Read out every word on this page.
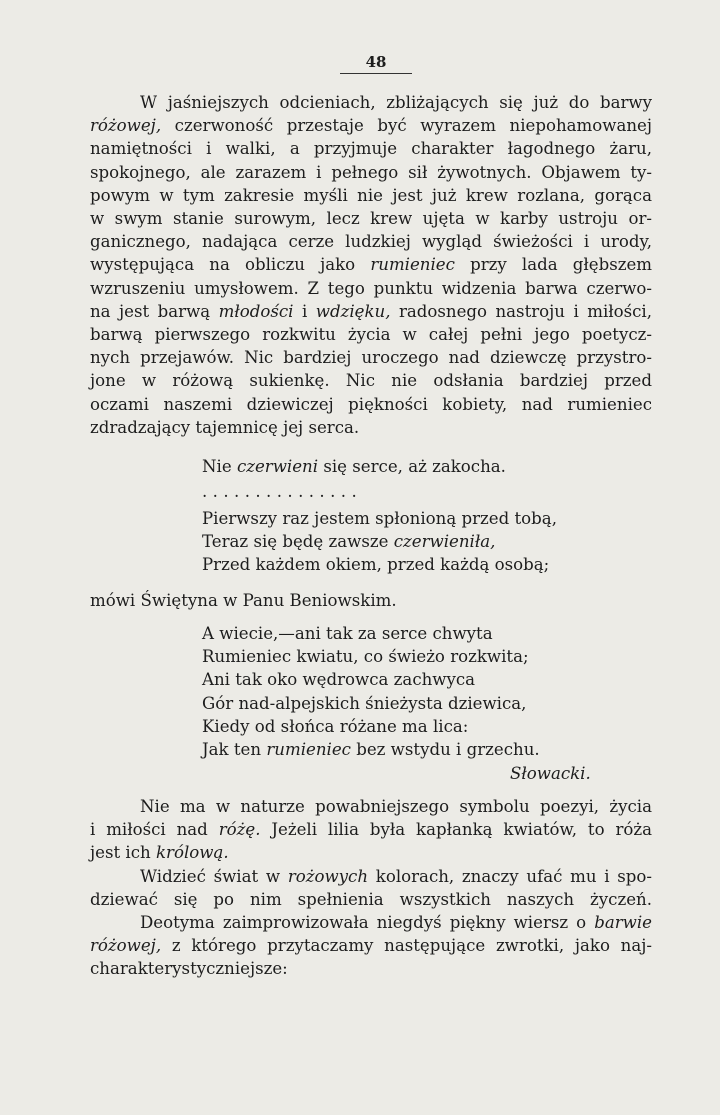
48
W jaśniejszych odcieniach, zbliżających się już do barwy
różowej, czerwoność przestaje być wyrazem niepohamowanej
namiętności i walki, a przyjmuje charakter łagodnego żaru,
spokojnego, ale zarazem i pełnego sił żywotnych. Objawem ty-
powym w tym zakresie myśli nie jest już krew rozlana, gorąca
w swym stanie surowym, lecz krew ujęta w karby ustroju or-
ganicznego, nadająca cerze ludzkiej wygląd świeżości i urody,
występująca na obliczu jako rumieniec przy lada głębszem
wzruszeniu umysłowem. Z tego punktu widzenia barwa czerwo-
na jest barwą młodości i wdzięku, radosnego nastroju i miłości,
barwą pierwszego rozkwitu życia w całej pełni jego poetycz-
nych przejawów. Nic bardziej uroczego nad dziewczę przystro-
jone w różową sukienkę. Nic nie odsłania bardziej przed
oczami naszemi dziewiczej piękności kobiety, nad rumieniec
zdradzający tajemnicę jej serca.
Nie czerwieni się serce, aż zakocha.
...............
Pierwszy raz jestem spłonioną przed tobą,
Teraz się będę zawsze czerwieniła,
Przed każdem okiem, przed każdą osobą;
mówi Świętyna w Panu Beniowskim.
A wiecie,—ani tak za serce chwyta
Rumieniec kwiatu, co świeżo rozkwita;
Ani tak oko wędrowca zachwyca
Gór nad-alpejskich śnieżysta dziewica,
Kiedy od słońca różane ma lica:
Jak ten rumieniec bez wstydu i grzechu.
Słowacki.
Nie ma w naturze powabniejszego symbolu poezyi, życia
i miłości nad różę. Jeżeli lilia była kapłanką kwiatów, to róża
jest ich królową.
Widzieć świat w rożowych kolorach, znaczy ufać mu i spo-
dziewać się po nim spełnienia wszystkich naszych życzeń.
Deotyma zaimprowizowała niegdyś piękny wiersz o barwie
różowej, z którego przytaczamy następujące zwrotki, jako naj-
charakterystyczniejsze:
